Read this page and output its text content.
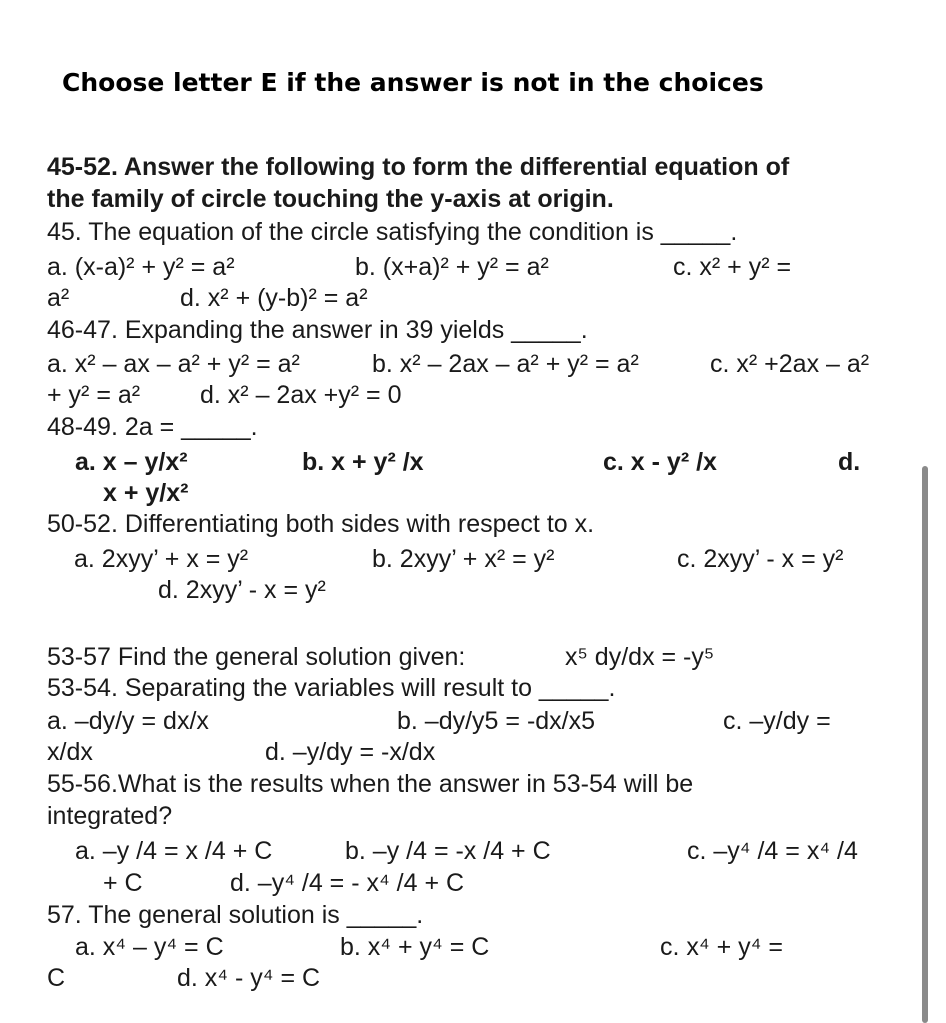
Choose letter E if the answer is not in the choices
45-52. Answer the following to form the differential equation of
the family of circle touching the y-axis at origin.
45. The equation of the circle satisfying the condition is _____.
a. (x-a)² + y² = a²	b. (x+a)² + y² = a²	c. x² + y² =
a²	d. x² + (y-b)² = a²
46-47. Expanding the answer in 39 yields _____.
a. x² – ax – a² + y² = a²	b. x² – 2ax – a² + y² = a²	c. x² +2ax – a²
+ y² = a² d. x² – 2ax +y² = 0
48-49. 2a = _____.
a. x – y/x²	b. x + y² /x	c. x - y² /x	d.
x + y/x²
50-52. Differentiating both sides with respect to x.
a. 2xyy’ + x = y²	b. 2xyy’ + x² = y²	c. 2xyy’ - x = y²
d. 2xyy’ - x = y²
53-57 Find the general solution given:	x⁵ dy/dx = -y⁵
53-54. Separating the variables will result to _____.
a. –dy/y = dx/x	b. –dy/y5 = -dx/x5	c. –y/dy =
x/dx	d. –y/dy = -x/dx
55-56.What is the results when the answer in 53-54 will be
integrated?
a. –y /4 = x /4 + C	b. –y /4 = -x /4 + C	c. –y⁴ /4 = x⁴ /4
+ C	d. –y⁴ /4 = - x⁴ /4 + C
57. The general solution is _____.
a. x⁴ – y⁴ = C	b. x⁴ + y⁴ = C	c. x⁴ + y⁴ =
C	d. x⁴ - y⁴ = C
